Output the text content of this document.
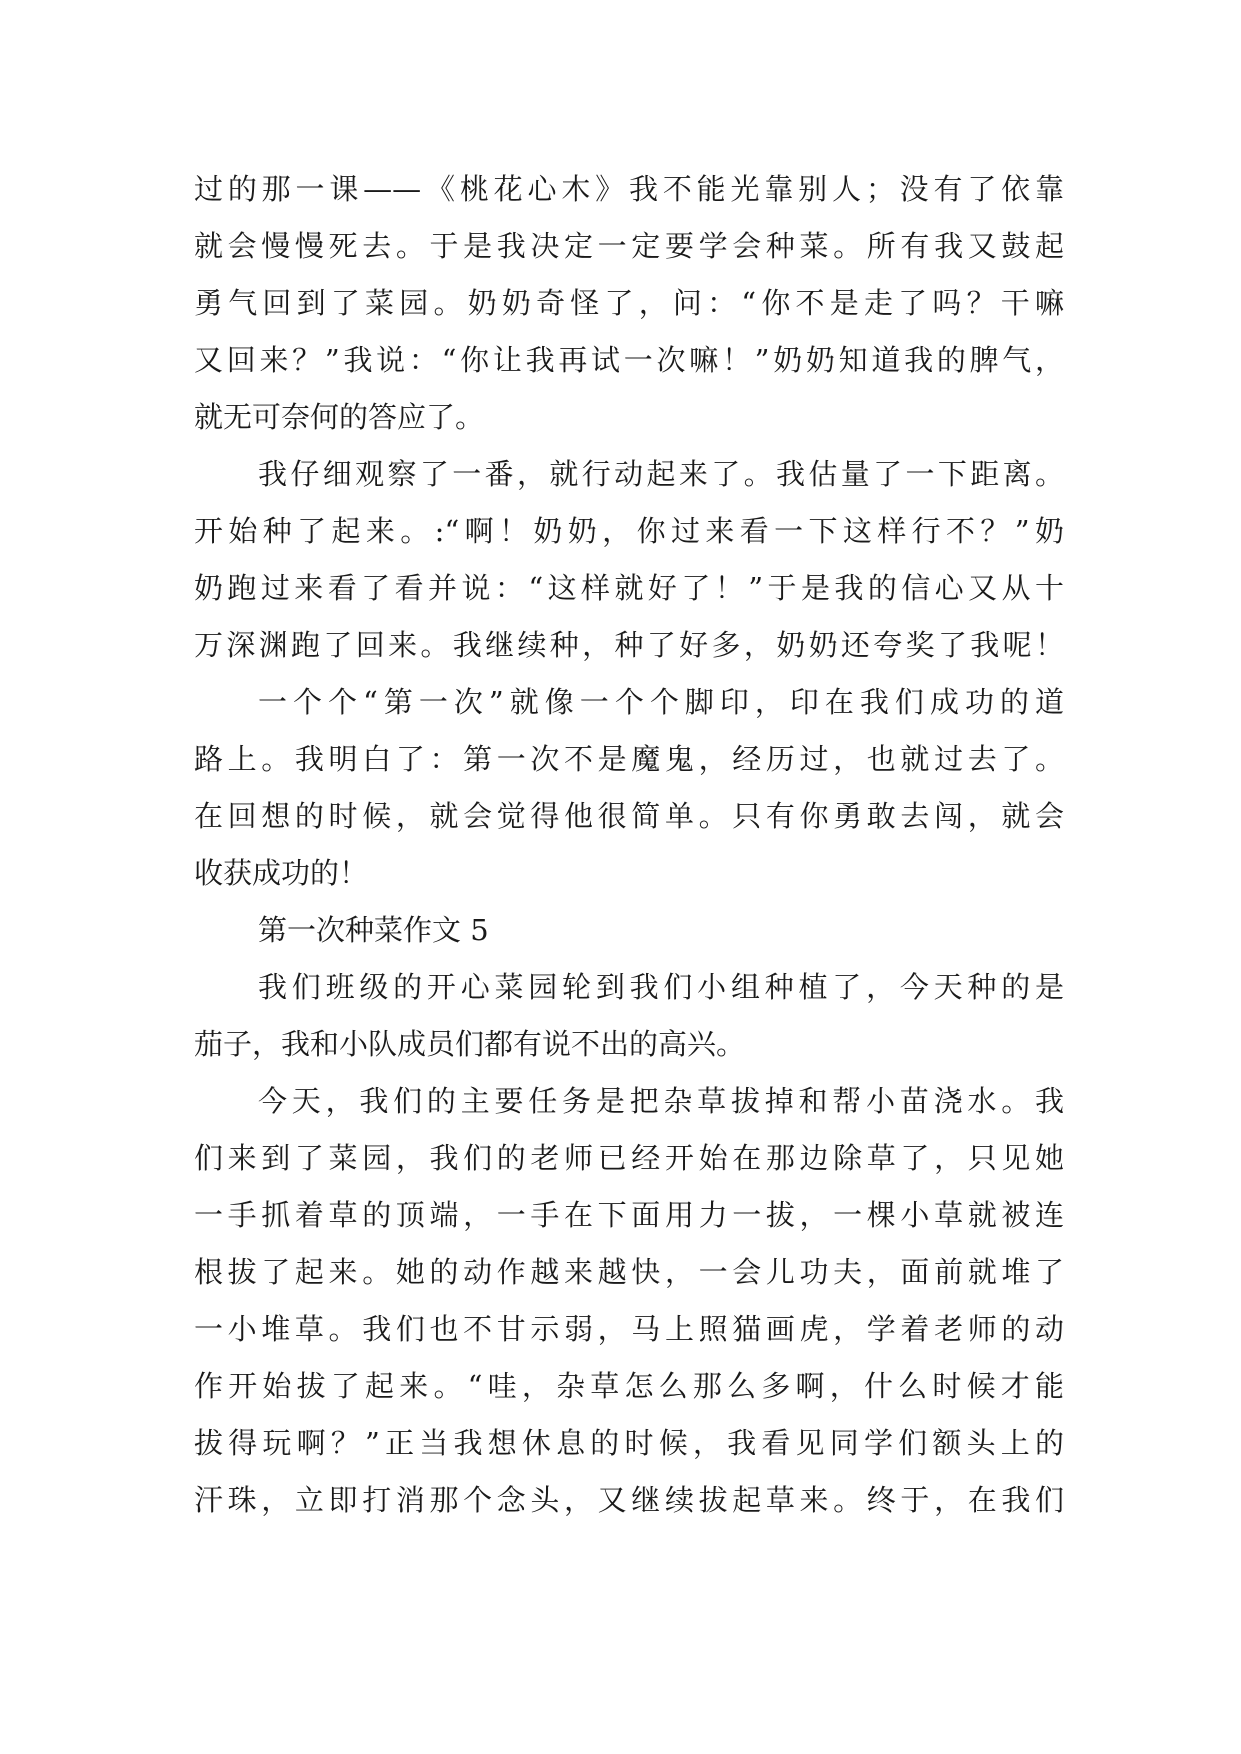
过的那一课——《桃花心木》我不能光靠别人；没有了依靠

就会慢慢死去。于是我决定一定要学会种菜。所有我又鼓起

勇气回到了菜园。奶奶奇怪了，问：“你不是走了吗？干嘛

又回来？”我说：“你让我再试一次嘛！”奶奶知道我的脾气，

就无可奈何的答应了。

我仔细观察了一番，就行动起来了。我估量了一下距离。

开始种了起来。:“啊！奶奶，你过来看一下这样行不？”奶

奶跑过来看了看并说：“这样就好了！”于是我的信心又从十

万深渊跑了回来。我继续种，种了好多，奶奶还夸奖了我呢！

一个个“第一次”就像一个个脚印，印在我们成功的道

路上。我明白了：第一次不是魔鬼，经历过，也就过去了。

在回想的时候，就会觉得他很简单。只有你勇敢去闯，就会

收获成功的！

第一次种菜作文 5

我们班级的开心菜园轮到我们小组种植了，今天种的是

茄子，我和小队成员们都有说不出的高兴。

今天，我们的主要任务是把杂草拔掉和帮小苗浇水。我

们来到了菜园，我们的老师已经开始在那边除草了，只见她

一手抓着草的顶端，一手在下面用力一拔，一棵小草就被连

根拔了起来。她的动作越来越快，一会儿功夫，面前就堆了

一小堆草。我们也不甘示弱，马上照猫画虎，学着老师的动

作开始拔了起来。“哇，杂草怎么那么多啊，什么时候才能

拔得玩啊？”正当我想休息的时候，我看见同学们额头上的

汗珠，立即打消那个念头，又继续拔起草来。终于，在我们
